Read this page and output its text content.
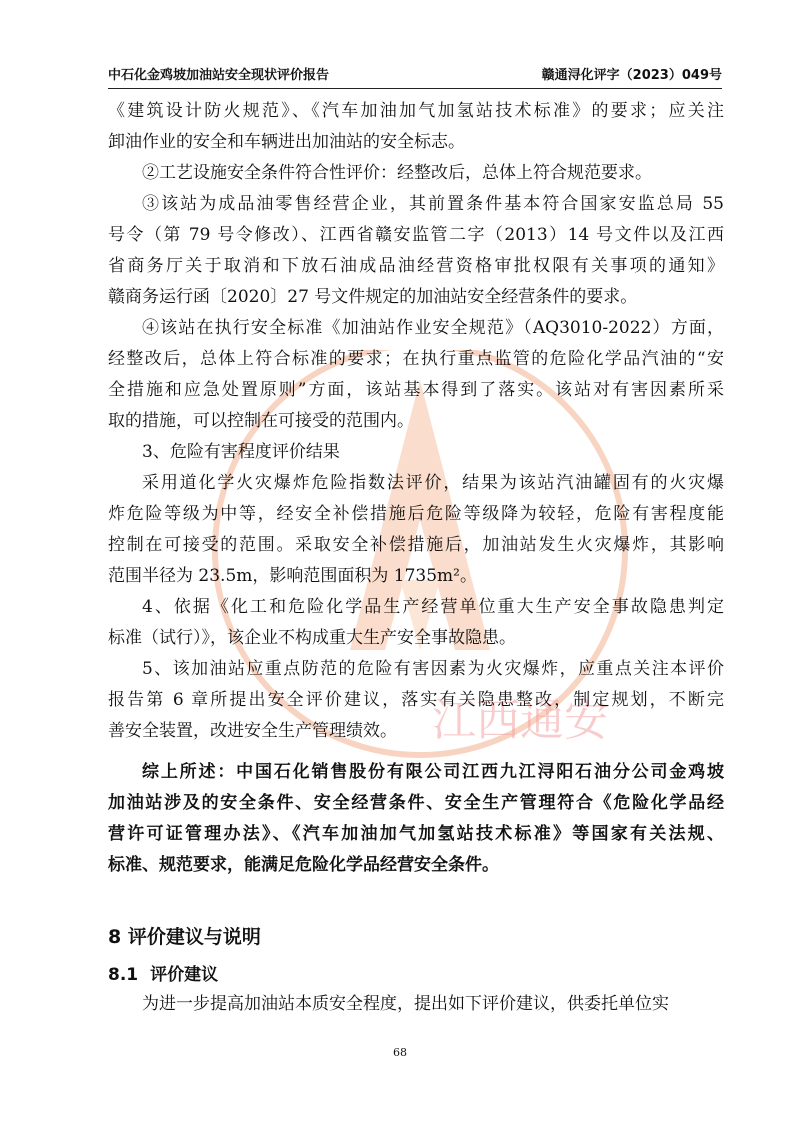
中石化金鸡坡加油站安全现状评价报告	赣通浔化评字（2023）049号
江西通安
《建筑设计防火规范》、《汽车加油加气加氢站技术标准》的要求；应关注
卸油作业的安全和车辆进出加油站的安全标志。
②工艺设施安全条件符合性评价：经整改后，总体上符合规范要求。
③该站为成品油零售经营企业，其前置条件基本符合国家安监总局 55
号令（第 79 号令修改）、江西省赣安监管二字（2013）14 号文件以及江西
省商务厅关于取消和下放石油成品油经营资格审批权限有关事项的通知》
赣商务运行函〔2020〕27 号文件规定的加油站安全经营条件的要求。
④该站在执行安全标准《加油站作业安全规范》（AQ3010-2022）方面，
经整改后，总体上符合标准的要求；在执行重点监管的危险化学品汽油的“安
全措施和应急处置原则”方面，该站基本得到了落实。该站对有害因素所采
取的措施，可以控制在可接受的范围内。
3、危险有害程度评价结果
采用道化学火灾爆炸危险指数法评价，结果为该站汽油罐固有的火灾爆
炸危险等级为中等，经安全补偿措施后危险等级降为较轻，危险有害程度能
控制在可接受的范围。采取安全补偿措施后，加油站发生火灾爆炸，其影响
范围半径为 23.5m，影响范围面积为 1735m²。
4、依据《化工和危险化学品生产经营单位重大生产安全事故隐患判定
标准（试行）》，该企业不构成重大生产安全事故隐患。
5、该加油站应重点防范的危险有害因素为火灾爆炸，应重点关注本评价
报告第 6 章所提出安全评价建议，落实有关隐患整改，制定规划，不断完
善安全装置，改进安全生产管理绩效。
综上所述：中国石化销售股份有限公司江西九江浔阳石油分公司金鸡坡
加油站涉及的安全条件、安全经营条件、安全生产管理符合《危险化学品经
营许可证管理办法》、《汽车加油加气加氢站技术标准》等国家有关法规、
标准、规范要求，能满足危险化学品经营安全条件。
8 评价建议与说明
8.1 评价建议
为进一步提高加油站本质安全程度，提出如下评价建议，供委托单位实
68
